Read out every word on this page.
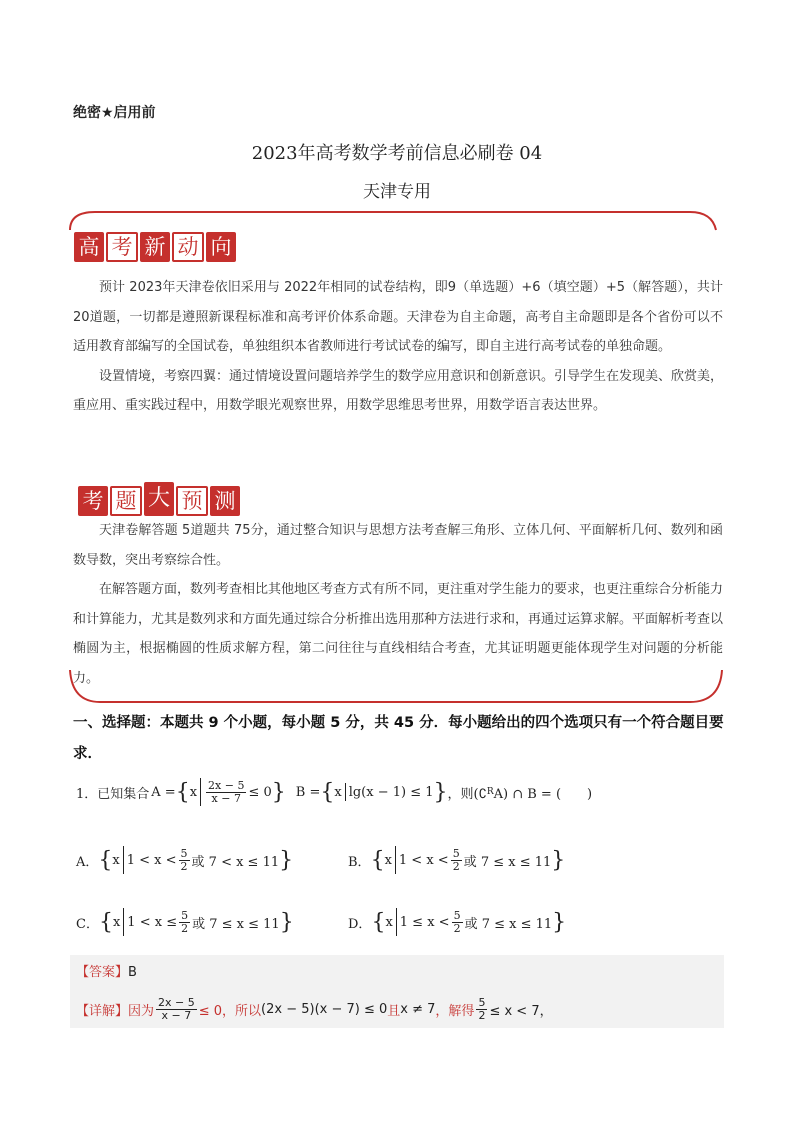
绝密★启用前
2023年高考数学考前信息必刷卷 04
天津专用
高 考 新 动 向

预计 2023年天津卷依旧采用与 2022年相同的试卷结构，即9（单选题）+6（填空题）+5（解答题），共计 20道题，一切都是遵照新课程标准和高考评价体系命题。天津卷为自主命题，高考自主命题即是各个省份可以不适用教育部编写的全国试卷，单独组织本省教师进行考试试卷的编写，即自主进行高考试卷的单独命题。

设置情境，考察四翼：通过情境设置问题培养学生的数学应用意识和创新意识。引导学生在发现美、欣赏美，重应用、重实践过程中，用数学眼光观察世界，用数学思维思考世界，用数学语言表达世界。

考 题 大 预 测

天津卷解答题 5道题共 75分，通过整合知识与思想方法考查解三角形、立体几何、平面解析几何、数列和函数导数，突出考察综合性。

在解答题方面，数列考查相比其他地区考查方式有所不同，更注重对学生能力的要求，也更注重综合分析能力和计算能力，尤其是数列求和方面先通过综合分析推出选用那种方法进行求和，再通过运算求解。平面解析考查以椭圆为主，根据椭圆的性质求解方程，第二问往往与直线相结合考查，尤其证明题更能体现学生对问题的分析能力。

一、选择题：本题共 9 个小题，每小题 5 分，共 45 分．每小题给出的四个选项只有一个符合题目要求．
1．已知集合 A = { x $\frac{2x - 5}{x - 7} \le 0$ } B = { x lg(x − 1) ≤ 1 } ，则(∁ R A) ∩ B = (　　)
A． { x $1 < x < \frac{5}{2}$ 或 7 < x ≤ 11 }	B． { x $1 < x < \frac{5}{2}$ 或 7 ≤ x ≤ 11 }
C． { x $1 < x \le \frac{5}{2}$ 或 7 ≤ x ≤ 11 }	D． { x $1 \le x < \frac{5}{2}$ 或 7 ≤ x ≤ 11 }
【答案】B
【详解】 因为 $\frac{2x - 5}{x - 7} \le 0$，所以 (2x − 5)(x − 7) ≤ 0 且 x ≠ 7 ，解得 $\frac{5}{2} \le x < 7$，
